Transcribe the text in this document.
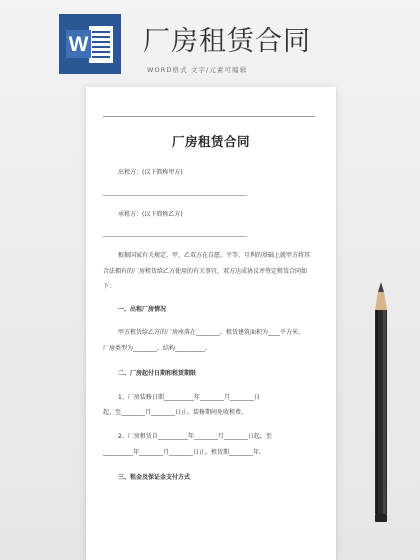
W 厂房租赁合同
WORD格式 文字/元素可编辑
厂房租赁合同
出租方：(以下简称甲方)
________________________________________________
承租方：(以下简称乙方)
________________________________________________
根据国家有关规定，甲、乙双方在自愿、平等、互利的基础上就甲方将其
合法拥有的厂房租赁给乙方使用的有关事宜，双方达成协议并签定租赁合同如
下：
一、出租厂房情况
甲方租赁给乙方的厂房座落在________。租赁建筑面积为____平方米。
厂房类型为________，结构__________。
二、厂房起付日期和租赁期限
1、厂房装修日期__________年________月________日
起，至________月________日止。装修期间免收租费。
2、厂房租赁自__________年________月________日起，至
__________年________月________日止。租赁期________年。
三、租金及保证金支付方式
